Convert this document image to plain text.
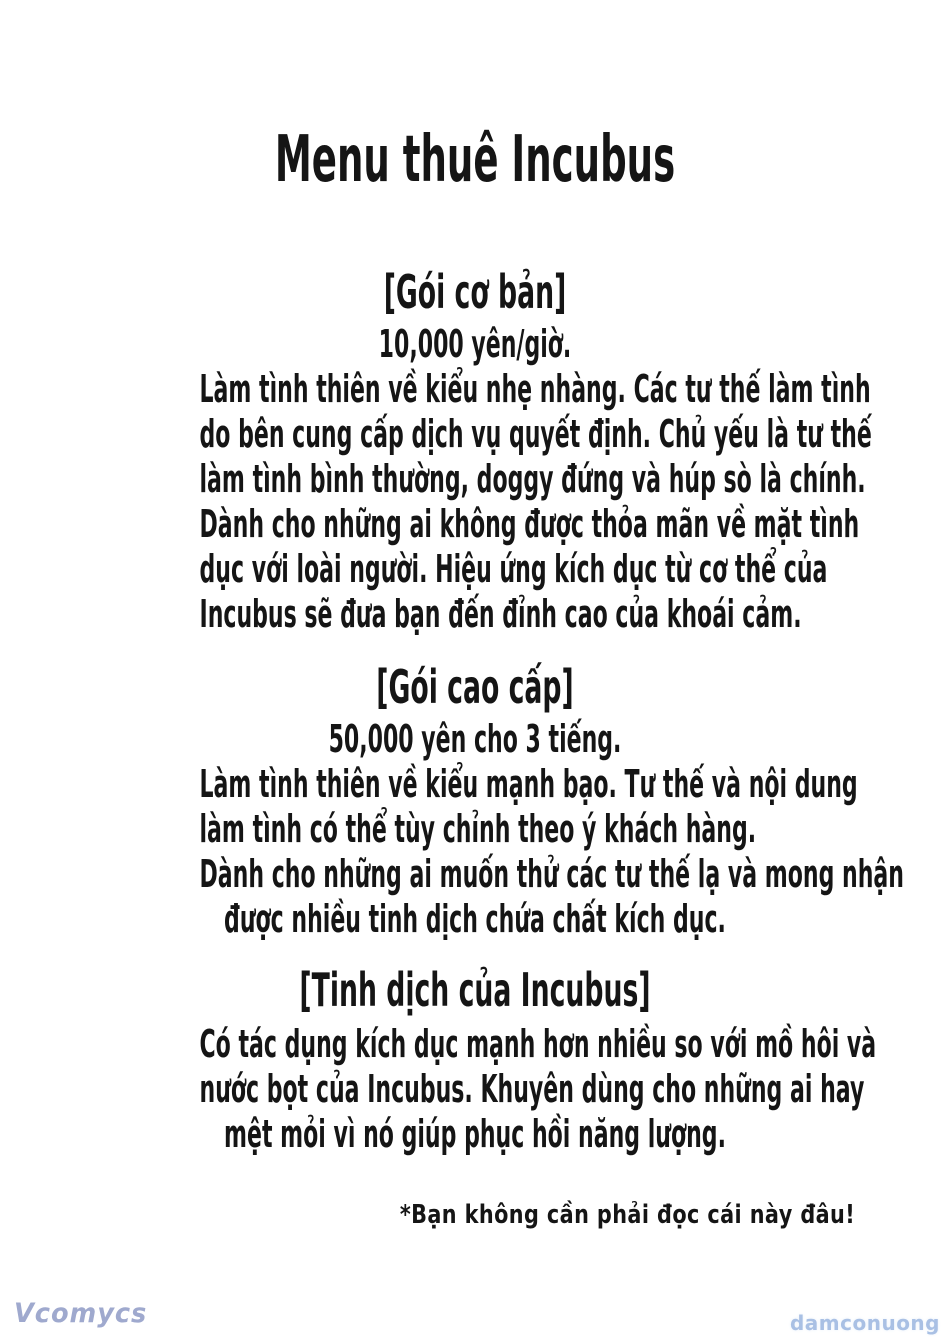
Menu thuê Incubus
[Gói cơ bản]
10,000 yên/giờ.
Làm tình thiên về kiểu nhẹ nhàng. Các tư thế làm tình
do bên cung cấp dịch vụ quyết định. Chủ yếu là tư thế
làm tình bình thường, doggy đứng và húp sò là chính.
Dành cho những ai không được thỏa mãn về mặt tình
dục với loài người. Hiệu ứng kích dục từ cơ thể của
Incubus sẽ đưa bạn đến đỉnh cao của khoái cảm.
[Gói cao cấp]
50,000 yên cho 3 tiếng.
Làm tình thiên về kiểu mạnh bạo. Tư thế và nội dung
làm tình có thể tùy chỉnh theo ý khách hàng.
Dành cho những ai muốn thử các tư thế lạ và mong nhận
được nhiều tinh dịch chứa chất kích dục.
[Tinh dịch của Incubus]
Có tác dụng kích dục mạnh hơn nhiều so với mồ hôi và
nước bọt của Incubus. Khuyên dùng cho những ai hay
mệt mỏi vì nó giúp phục hồi năng lượng.
*Bạn không cần phải đọc cái này đâu!
Vcomycs	damconuong
